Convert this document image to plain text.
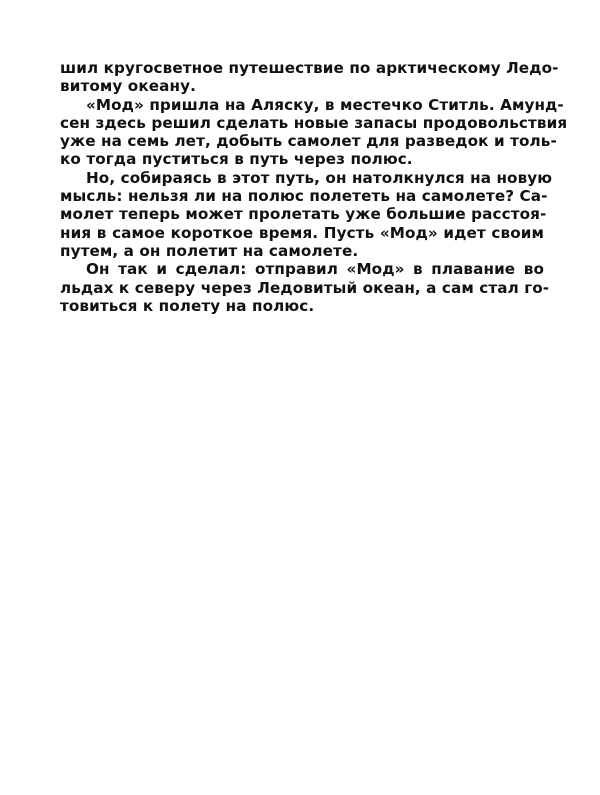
шил кругосветное путешествие по арктическому Ледо-
витому океану.
«Мод» пришла на Аляску, в местечко Ститль. Амунд-
сен здесь решил сделать новые запасы продовольствия
уже на семь лет, добыть самолет для разведок и толь-
ко тогда пуститься в путь через полюс.
Но, собираясь в этот путь, он натолкнулся на новую
мысль: нельзя ли на полюс полететь на самолете? Са-
молет теперь может пролетать уже большие расстоя-
ния в самое короткое время. Пусть «Мод» идет своим
путем, а он полетит на самолете.
Он так и сделал: отправил «Мод» в плавание во
льдах к северу через Ледовитый океан, а сам стал го-
товиться к полету на полюс.
